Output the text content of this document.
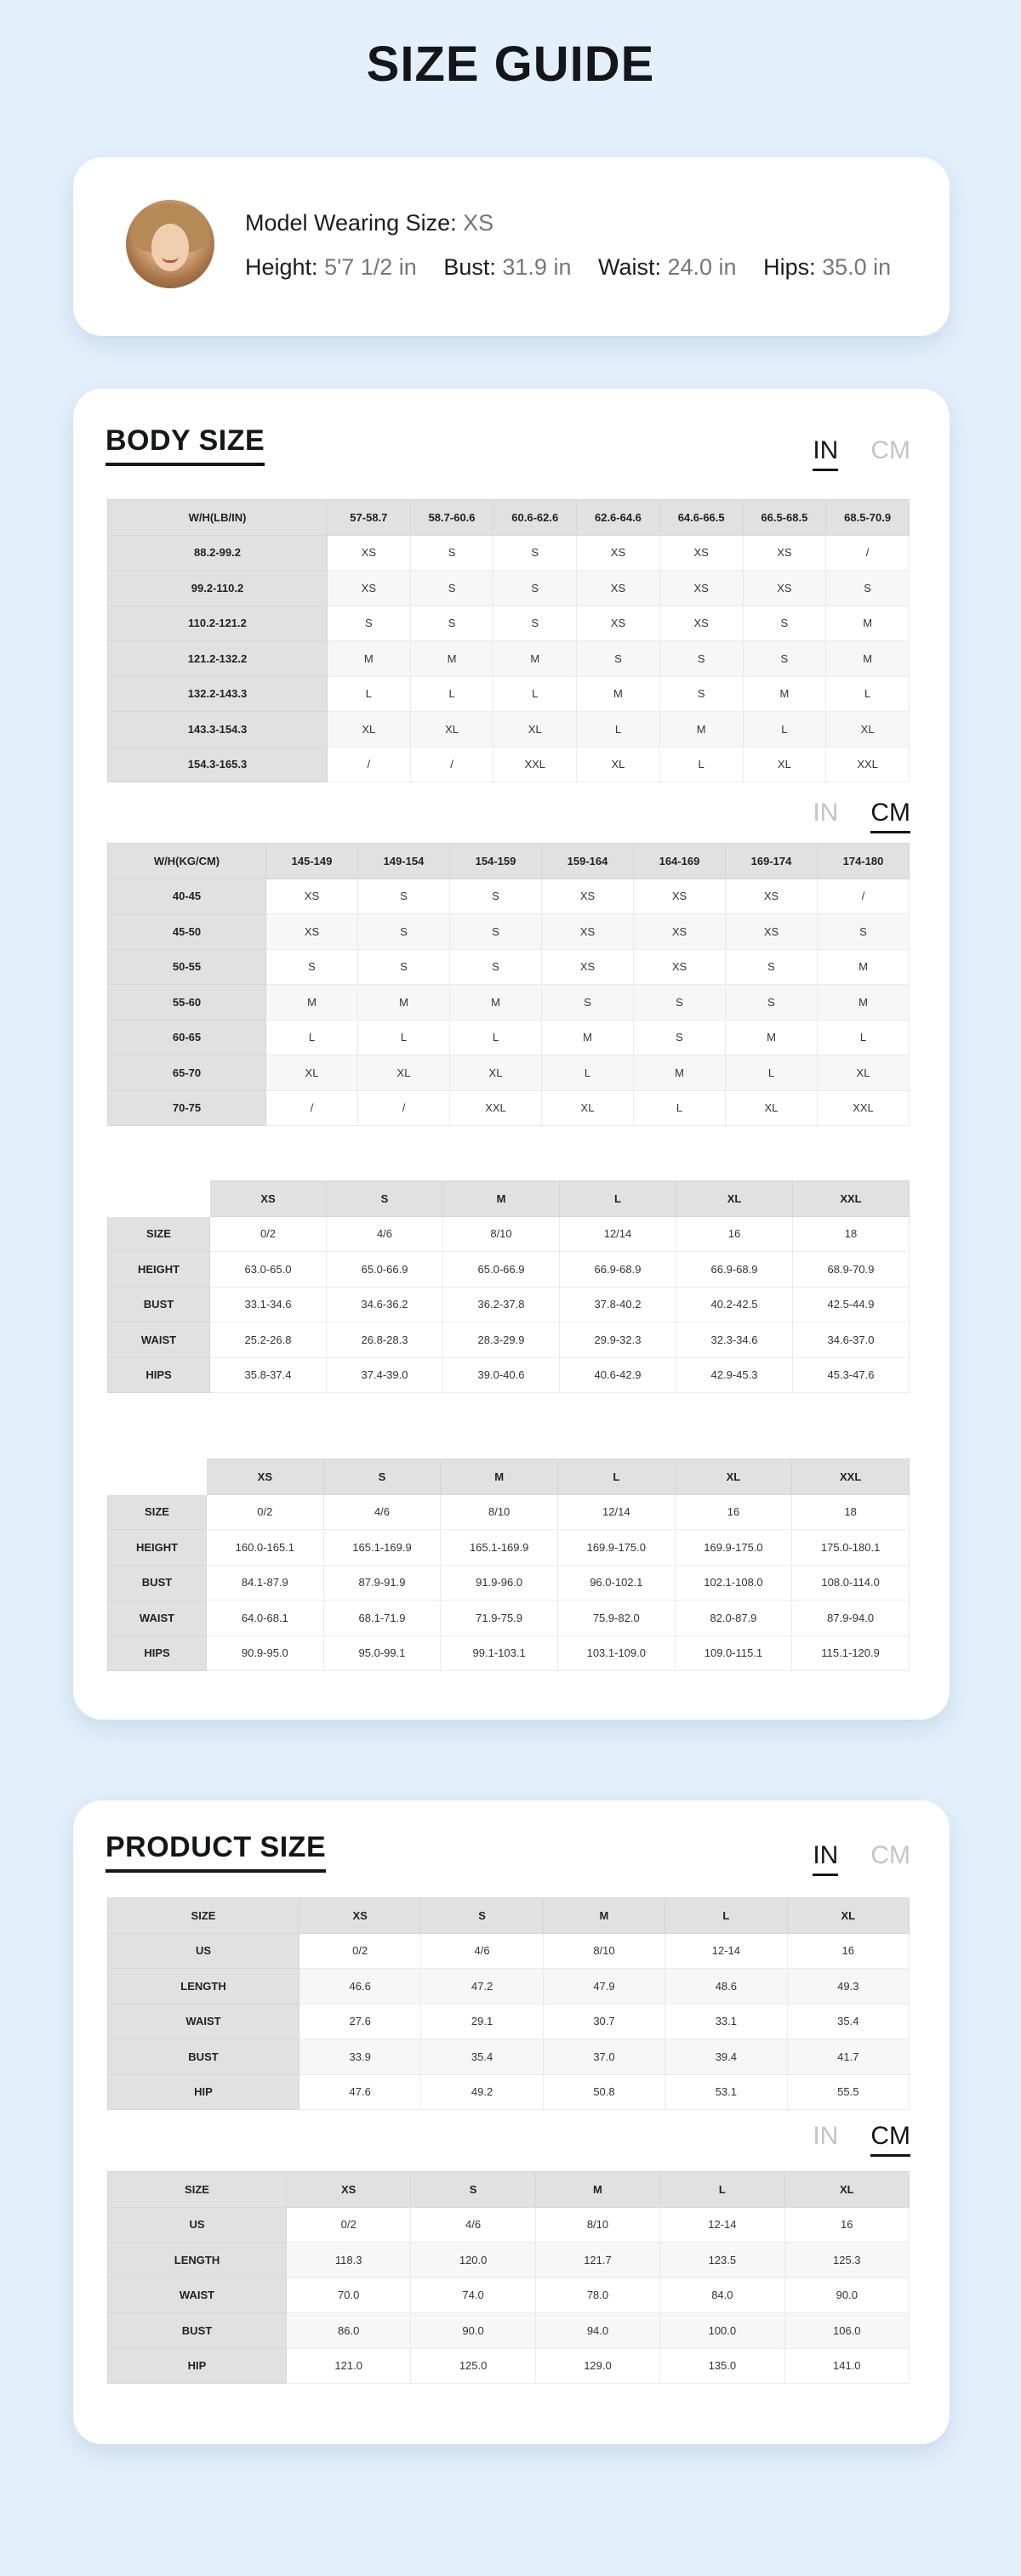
SIZE GUIDE
Model Wearing Size: XS
Height: 5'7 1/2 in Bust: 31.9 in Waist: 24.0 in Hips: 35.0 in
BODY SIZE	IN CM
W/H(LB/IN)	57-58.7	58.7-60.6	60.6-62.6	62.6-64.6	64.6-66.5	66.5-68.5	68.5-70.9
88.2-99.2	XS	S	S	XS	XS	XS	/
99.2-110.2	XS	S	S	XS	XS	XS	S
110.2-121.2	S	S	S	XS	XS	S	M
121.2-132.2	M	M	M	S	S	S	M
132.2-143.3	L	L	L	M	S	M	L
143.3-154.3	XL	XL	XL	L	M	L	XL
154.3-165.3	/	/	XXL	XL	L	XL	XXL
IN CM
W/H(KG/CM)	145-149	149-154	154-159	159-164	164-169	169-174	174-180
40-45	XS	S	S	XS	XS	XS	/
45-50	XS	S	S	XS	XS	XS	S
50-55	S	S	S	XS	XS	S	M
55-60	M	M	M	S	S	S	M
60-65	L	L	L	M	S	M	L
65-70	XL	XL	XL	L	M	L	XL
70-75	/	/	XXL	XL	L	XL	XXL
	XS	S	M	L	XL	XXL
SIZE	0/2	4/6	8/10	12/14	16	18
HEIGHT	63.0-65.0	65.0-66.9	65.0-66.9	66.9-68.9	66.9-68.9	68.9-70.9
BUST	33.1-34.6	34.6-36.2	36.2-37.8	37.8-40.2	40.2-42.5	42.5-44.9
WAIST	25.2-26.8	26.8-28.3	28.3-29.9	29.9-32.3	32.3-34.6	34.6-37.0
HIPS	35.8-37.4	37.4-39.0	39.0-40.6	40.6-42.9	42.9-45.3	45.3-47.6
	XS	S	M	L	XL	XXL
SIZE	0/2	4/6	8/10	12/14	16	18
HEIGHT	160.0-165.1	165.1-169.9	165.1-169.9	169.9-175.0	169.9-175.0	175.0-180.1
BUST	84.1-87.9	87.9-91.9	91.9-96.0	96.0-102.1	102.1-108.0	108.0-114.0
WAIST	64.0-68.1	68.1-71.9	71.9-75.9	75.9-82.0	82.0-87.9	87.9-94.0
HIPS	90.9-95.0	95.0-99.1	99.1-103.1	103.1-109.0	109.0-115.1	115.1-120.9
PRODUCT SIZE	IN CM
SIZE	XS	S	M	L	XL
US	0/2	4/6	8/10	12-14	16
LENGTH	46.6	47.2	47.9	48.6	49.3
WAIST	27.6	29.1	30.7	33.1	35.4
BUST	33.9	35.4	37.0	39.4	41.7
HIP	47.6	49.2	50.8	53.1	55.5
IN CM
SIZE	XS	S	M	L	XL
US	0/2	4/6	8/10	12-14	16
LENGTH	118.3	120.0	121.7	123.5	125.3
WAIST	70.0	74.0	78.0	84.0	90.0
BUST	86.0	90.0	94.0	100.0	106.0
HIP	121.0	125.0	129.0	135.0	141.0
